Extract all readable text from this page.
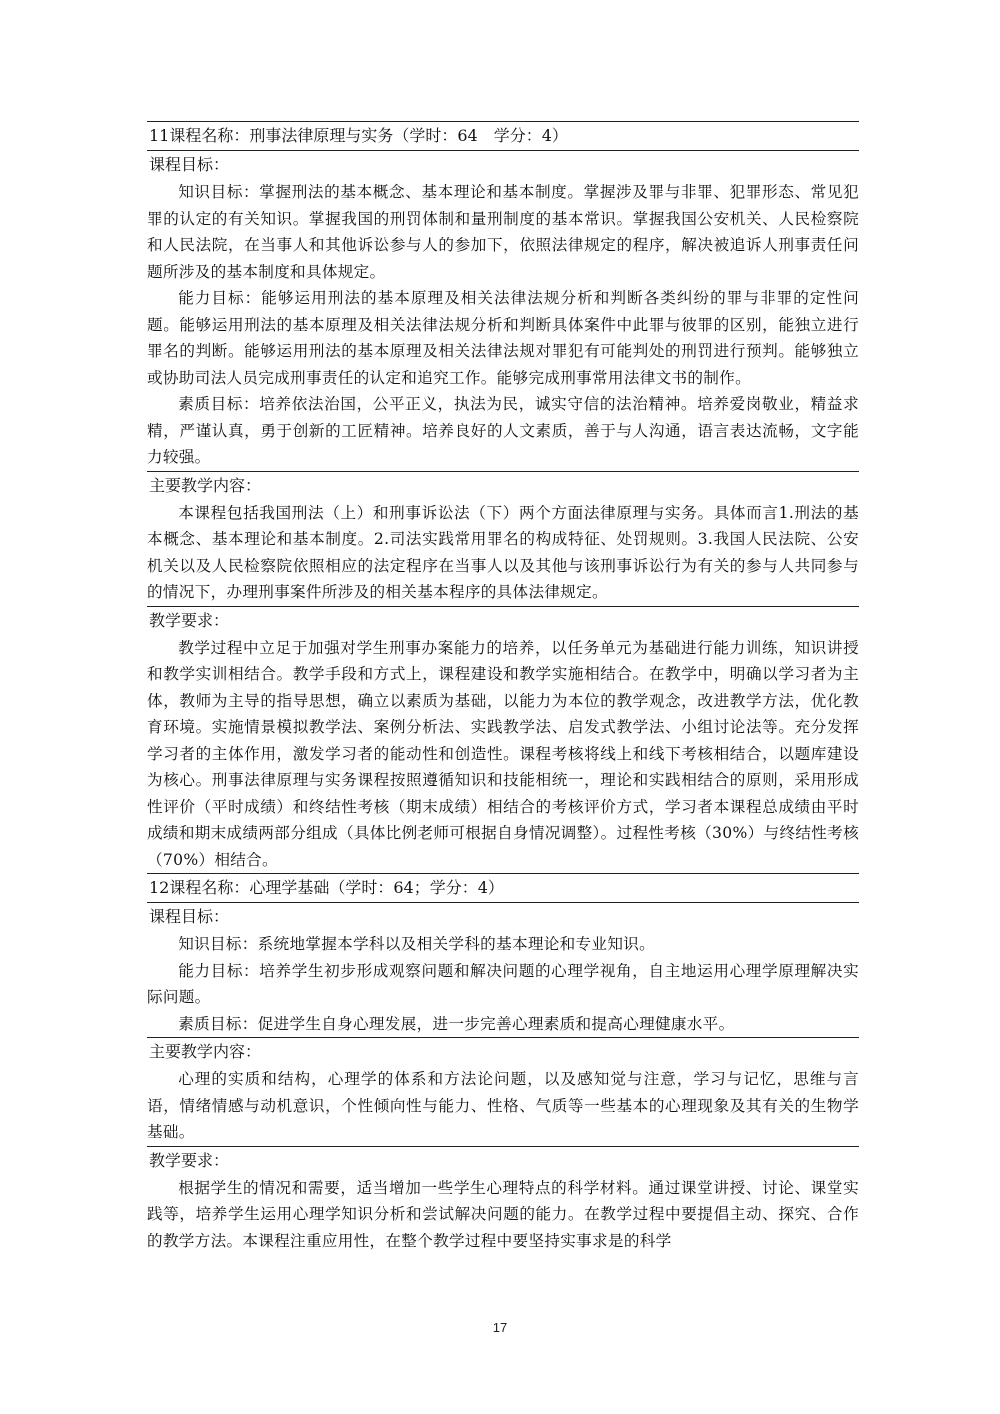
11课程名称：刑事法律原理与实务（学时：64　学分：4）
课程目标：
知识目标：掌握刑法的基本概念、基本理论和基本制度。掌握涉及罪与非罪、犯罪形态、常见犯罪的认定的有关知识。掌握我国的刑罚体制和量刑制度的基本常识。掌握我国公安机关、人民检察院和人民法院，在当事人和其他诉讼参与人的参加下，依照法律规定的程序，解决被追诉人刑事责任问题所涉及的基本制度和具体规定。
能力目标：能够运用刑法的基本原理及相关法律法规分析和判断各类纠纷的罪与非罪的定性问题。能够运用刑法的基本原理及相关法律法规分析和判断具体案件中此罪与彼罪的区别，能独立进行罪名的判断。能够运用刑法的基本原理及相关法律法规对罪犯有可能判处的刑罚进行预判。能够独立或协助司法人员完成刑事责任的认定和追究工作。能够完成刑事常用法律文书的制作。
素质目标：培养依法治国，公平正义，执法为民，诚实守信的法治精神。培养爱岗敬业，精益求精，严谨认真，勇于创新的工匠精神。培养良好的人文素质，善于与人沟通，语言表达流畅，文字能力较强。
主要教学内容：
本课程包括我国刑法（上）和刑事诉讼法（下）两个方面法律原理与实务。具体而言1.刑法的基本概念、基本理论和基本制度。2.司法实践常用罪名的构成特征、处罚规则。3.我国人民法院、公安机关以及人民检察院依照相应的法定程序在当事人以及其他与该刑事诉讼行为有关的参与人共同参与的情况下，办理刑事案件所涉及的相关基本程序的具体法律规定。
教学要求：
教学过程中立足于加强对学生刑事办案能力的培养，以任务单元为基础进行能力训练，知识讲授和教学实训相结合。教学手段和方式上，课程建设和教学实施相结合。在教学中，明确以学习者为主体，教师为主导的指导思想，确立以素质为基础，以能力为本位的教学观念，改进教学方法，优化教育环境。实施情景模拟教学法、案例分析法、实践教学法、启发式教学法、小组讨论法等。充分发挥学习者的主体作用，激发学习者的能动性和创造性。课程考核将线上和线下考核相结合，以题库建设为核心。刑事法律原理与实务课程按照遵循知识和技能相统一，理论和实践相结合的原则，采用形成性评价（平时成绩）和终结性考核（期末成绩）相结合的考核评价方式，学习者本课程总成绩由平时成绩和期末成绩两部分组成（具体比例老师可根据自身情况调整）。过程性考核（30%）与终结性考核（70%）相结合。
12课程名称：心理学基础（学时：64；学分：4）
课程目标：
知识目标：系统地掌握本学科以及相关学科的基本理论和专业知识。
能力目标：培养学生初步形成观察问题和解决问题的心理学视角，自主地运用心理学原理解决实际问题。
素质目标：促进学生自身心理发展，进一步完善心理素质和提高心理健康水平。
主要教学内容：
心理的实质和结构，心理学的体系和方法论问题，以及感知觉与注意，学习与记忆，思维与言语，情绪情感与动机意识，个性倾向性与能力、性格、气质等一些基本的心理现象及其有关的生物学基础。
教学要求：
根据学生的情况和需要，适当增加一些学生心理特点的科学材料。通过课堂讲授、讨论、课堂实践等，培养学生运用心理学知识分析和尝试解决问题的能力。在教学过程中要提倡主动、探究、合作的教学方法。本课程注重应用性，在整个教学过程中要坚持实事求是的科学
17
